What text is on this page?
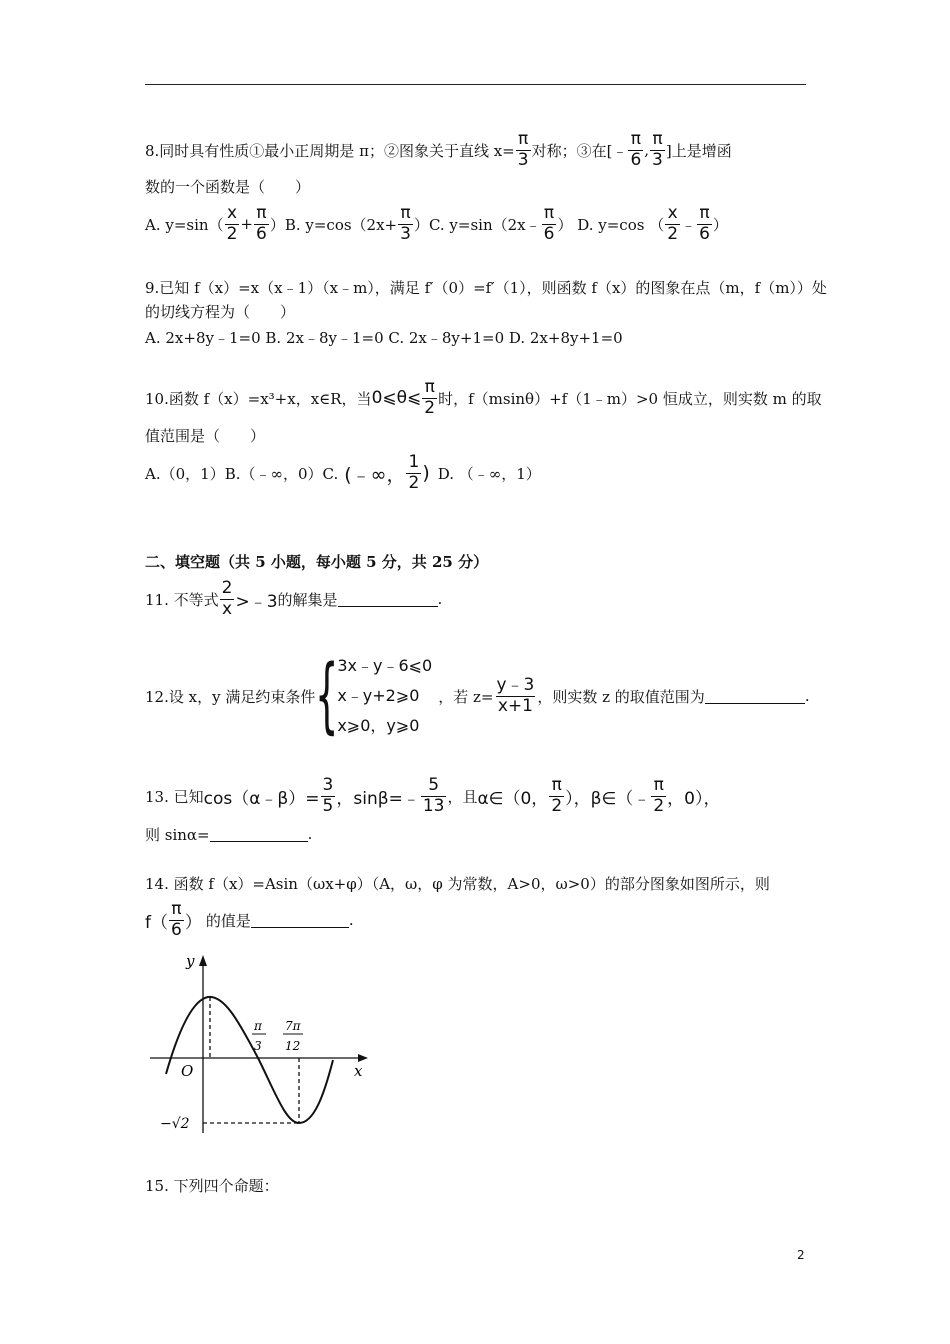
8.同时具有性质①最小正周期是 π；②图象关于直线 $x= \frac{\pi}{3}$ 对称；③在[﹣ $\frac{\pi}{6}$ , $\frac{\pi}{3}$ ]上是增函
数的一个函数是（　　）
A. $y=\sin( \frac{x}{2} + \frac{\pi}{6} )B$. $y=\cos(2x+ \frac{\pi}{3} )C$. y=sin（2x﹣ $\frac{\pi}{6}$ ） D. y=cos （ $\frac{x}{2}$ ﹣ $\frac{\pi}{6}$ ）
9.已知 f（x）=x（x﹣1）（x﹣m），满足 f′（0）=f′（1），则函数 f（x）的图象在点（m，f（m））处
的切线方程为（　　）
A. 2x+8y﹣1=0 B. 2x﹣8y﹣1=0 C. 2x﹣8y+1=0 D. 2x+8y+1=0
10.函数 f（x）=x³+x，x∈R，当 0⩽θ⩽ $\frac{\pi}{2}$ 时，f（msinθ）+f（1﹣m）>0 恒成立，则实数 m 的取
值范围是（　　）
A.（0，1）B.（﹣∞，0）C. (﹣∞， $\frac{1}{2}$ ) D. （﹣∞，1）
二、填空题（共 5 小题，每小题 5 分，共 25 分）
11. 不等式 $\frac{2}{x}$ >﹣3 的解集是	.
12.设 x，y 满足约束条件 {
3x﹣y﹣6⩽0
x﹣y+2⩾0
x⩾0，y⩾0
，若 $z= \frac{y﹣3}{x+1}$ ，则实数 z 的取值范围为	.
13. 已知 cos（α﹣β）= $\frac{3}{5}$ ，sinβ=﹣ $\frac{5}{13}$ ，且 α∈（0， $\frac{\pi}{2}$ ），β∈（﹣ $\frac{\pi}{2}$ ，0），
则 sinα=	.
14. 函数 f（x）=Asin（ωx+φ）（A，ω，φ 为常数，A>0，ω>0）的部分图象如图所示，则
$f( \frac{\pi}{6}$ ） 的值是	.
y
x
O
π
3
7π
12
−√2
15. 下列四个命题：
2
